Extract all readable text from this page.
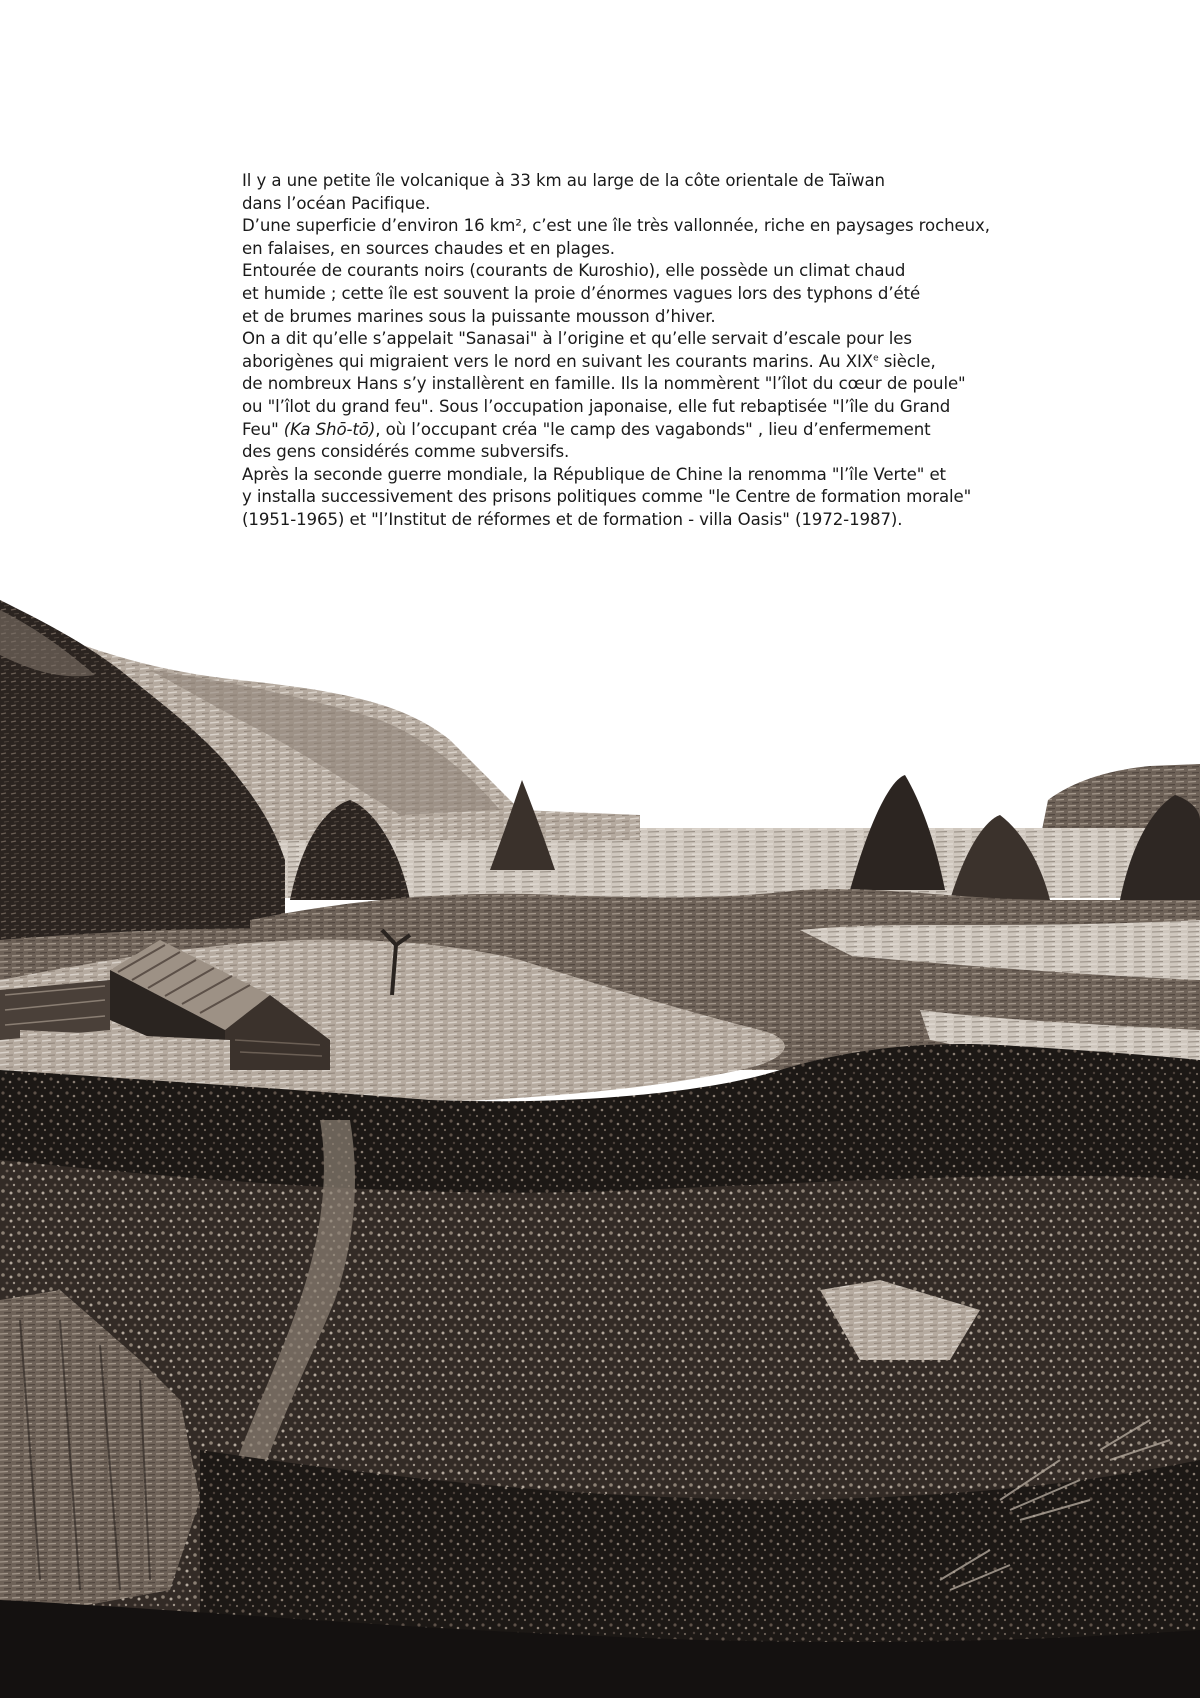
Il y a une petite île volcanique à 33 km au large de la côte orientale de Taïwan
dans l’océan Pacifique.
D’une superficie d’environ 16 km², c’est une île très vallonnée, riche en paysages rocheux,
en falaises, en sources chaudes et en plages.
Entourée de courants noirs (courants de Kuroshio), elle possède un climat chaud
et humide ; cette île est souvent la proie d’énormes vagues lors des typhons d’été
et de brumes marines sous la puissante mousson d’hiver.
On a dit qu’elle s’appelait "Sanasai" à l’origine et qu’elle servait d’escale pour les
aborigènes qui migraient vers le nord en suivant les courants marins. Au XIXe siècle,
de nombreux Hans s’y installèrent en famille. Ils la nommèrent "l’îlot du cœur de poule"
ou "l’îlot du grand feu". Sous l’occupation japonaise, elle fut rebaptisée "l’île du Grand
Feu" (Ka Shō-tō), où l’occupant créa "le camp des vagabonds" , lieu d’enfermement
des gens considérés comme subversifs.
Après la seconde guerre mondiale, la République de Chine la renomma "l’île Verte" et
y installa successivement des prisons politiques comme "le Centre de formation morale"
(1951-1965) et "l’Institut de réformes et de formation - villa Oasis" (1972-1987).
